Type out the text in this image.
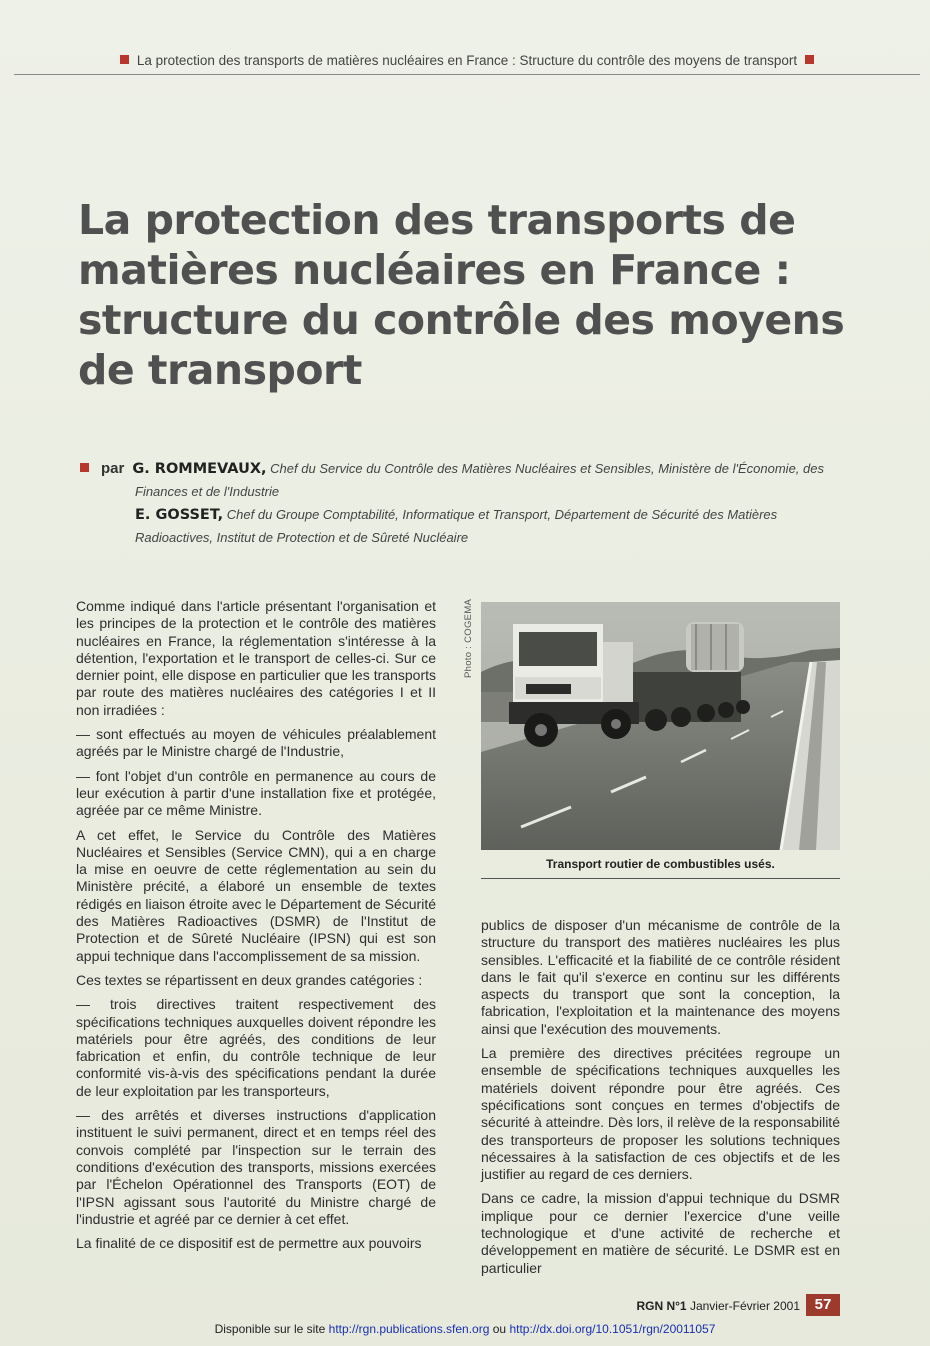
La protection des transports de matières nucléaires en France : Structure du contrôle des moyens de transport
La protection des transports de
matières nucléaires en France :
structure du contrôle des moyens
de transport
par G. ROMMEVAUX, Chef du Service du Contrôle des Matières Nucléaires et Sensibles, Ministère de l'Économie, des
Finances et de l'Industrie
E. GOSSET, Chef du Groupe Comptabilité, Informatique et Transport, Département de Sécurité des Matières
Radioactives, Institut de Protection et de Sûreté Nucléaire

Comme indiqué dans l'article présentant l'organisation et les principes de la protection et le contrôle des matières nucléaires en France, la réglementation s'intéresse à la détention, l'exportation et le transport de celles-ci. Sur ce dernier point, elle dispose en particulier que les transports par route des matières nucléaires des catégories I et II non irradiées :

— sont effectués au moyen de véhicules préalablement agréés par le Ministre chargé de l'Industrie,

— font l'objet d'un contrôle en permanence au cours de leur exécution à partir d'une installation fixe et protégée, agréée par ce même Ministre.

A cet effet, le Service du Contrôle des Matières Nucléaires et Sensibles (Service CMN), qui a en charge la mise en oeuvre de cette réglementation au sein du Ministère précité, a élaboré un ensemble de textes rédigés en liaison étroite avec le Département de Sécurité des Matières Radioactives (DSMR) de l'Institut de Protection et de Sûreté Nucléaire (IPSN) qui est son appui technique dans l'accomplissement de sa mission.

Ces textes se répartissent en deux grandes catégories :

— trois directives traitent respectivement des spécifications techniques auxquelles doivent répondre les matériels pour être agréés, des conditions de leur fabrication et enfin, du contrôle technique de leur conformité vis-à-vis des spécifications pendant la durée de leur exploitation par les transporteurs,

— des arrêtés et diverses instructions d'application instituent le suivi permanent, direct et en temps réel des convois complété par l'inspection sur le terrain des conditions d'exécution des transports, missions exercées par l'Échelon Opérationnel des Transports (EOT) de l'IPSN agissant sous l'autorité du Ministre chargé de l'industrie et agréé par ce dernier à cet effet.

La finalité de ce dispositif est de permettre aux pouvoirs

Photo : COGEMA
Transport routier de combustibles usés.

publics de disposer d'un mécanisme de contrôle de la structure du transport des matières nucléaires les plus sensibles. L'efficacité et la fiabilité de ce contrôle résident dans le fait qu'il s'exerce en continu sur les différents aspects du transport que sont la conception, la fabrication, l'exploitation et la maintenance des moyens ainsi que l'exécution des mouvements.

La première des directives précitées regroupe un ensemble de spécifications techniques auxquelles les matériels doivent répondre pour être agréés. Ces spécifications sont conçues en termes d'objectifs de sécurité à atteindre. Dès lors, il relève de la responsabilité des transporteurs de proposer les solutions techniques nécessaires à la satisfaction de ces objectifs et de les justifier au regard de ces derniers.

Dans ce cadre, la mission d'appui technique du DSMR implique pour ce dernier l'exercice d'une veille technologique et d'une activité de recherche et développement en matière de sécurité. Le DSMR est en particulier

RGN N°1 Janvier-Février 2001 57
Disponible sur le site http://rgn.publications.sfen.org ou http://dx.doi.org/10.1051/rgn/20011057
